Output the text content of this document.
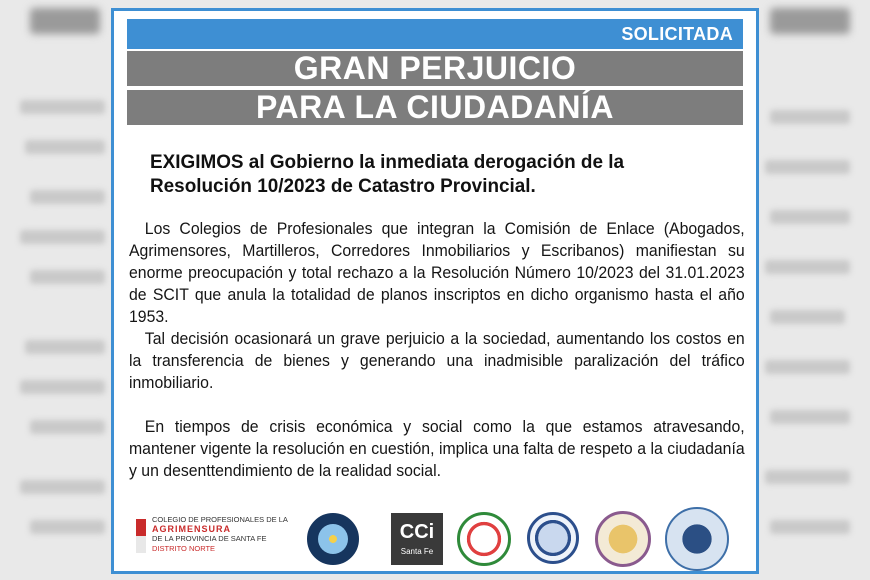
SOLICITADA
GRAN PERJUICIO
PARA LA CIUDADANÍA
EXIGIMOS al Gobierno la inmediata derogación de la Resolución 10/2023 de Catastro Provincial.
Los Colegios de Profesionales que integran la Comisión de Enlace (Abogados, Agrimensores, Martilleros, Corredores Inmobiliarios y Escribanos) manifiestan su enorme preocupación y total rechazo a la Resolución Número 10/2023 del 31.01.2023 de SCIT que anula la totalidad de planos inscriptos en dicho organismo hasta el año 1953.
Tal decisión ocasionará un grave perjuicio a la sociedad, aumentando los costos en la transferencia de bienes y generando una inadmisible paralización del tráfico inmobiliario.
En tiempos de crisis económica y social como la que estamos atravesando, mantener vigente la resolución en cuestión, implica una falta de respeto a la ciudadanía y un desenttendimiento de la realidad social.
COLEGIO DE PROFESIONALES DE LA
AGRIMENSURA
DE LA PROVINCIA DE SANTA FE
DISTRITO NORTE
CCi
Santa Fe
